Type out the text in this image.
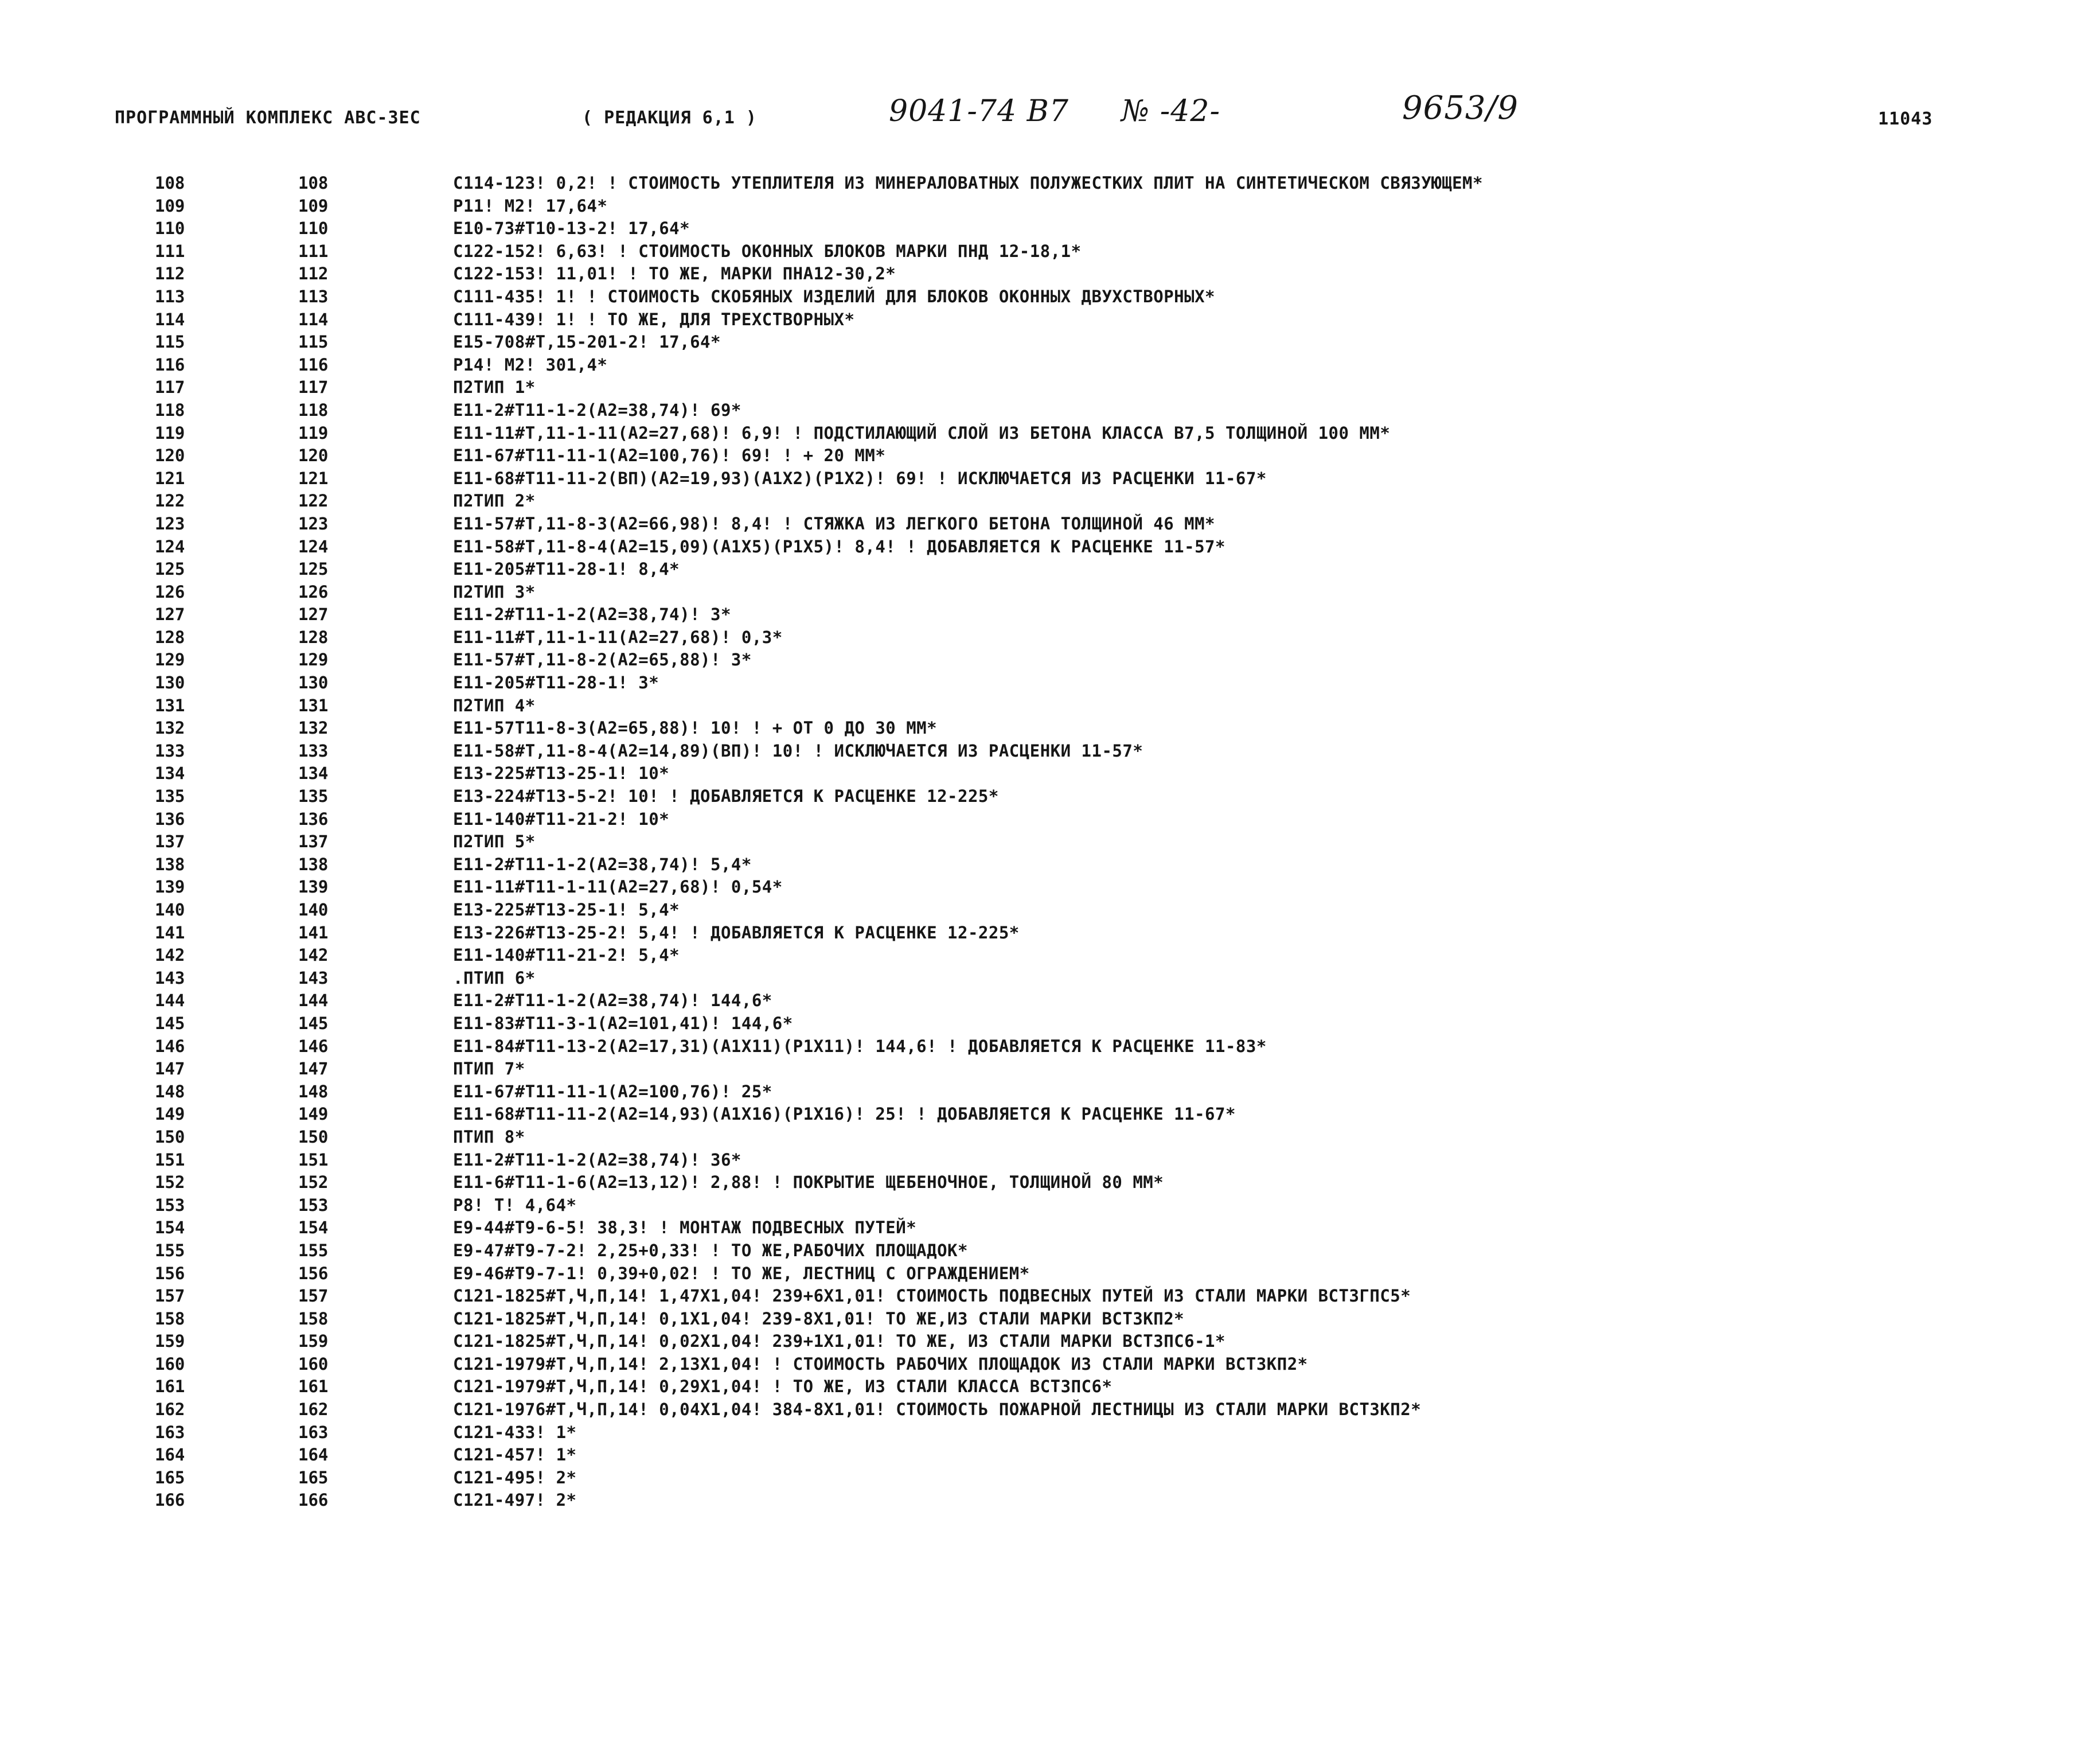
ПРОГРАММНЫЙ КОМПЛЕКС АВС-ЗЕС	( РЕДАКЦИЯ 6,1 )	9041-74 В7 № -42-	9653/9	11043
108	108	С114-123! 0,2! ! СТОИМОСТЬ УТЕПЛИТЕЛЯ ИЗ МИНЕРАЛОВАТНЫХ ПОЛУЖЕСТКИХ ПЛИТ НА СИНТЕТИЧЕСКОМ СВЯЗУЮЩЕМ*
109	109	Р11! М2! 17,64*
110	110	Е10-73#Т10-13-2! 17,64*
111	111	С122-152! 6,63! ! СТОИМОСТЬ ОКОННЫХ БЛОКОВ МАРКИ ПНД 12-18,1*
112	112	С122-153! 11,01! ! ТО ЖЕ, МАРКИ ПНА12-30,2*
113	113	С111-435! 1! ! СТОИМОСТЬ СКОБЯНЫХ ИЗДЕЛИЙ ДЛЯ БЛОКОВ ОКОННЫХ ДВУХСТВОРНЫХ*
114	114	С111-439! 1! ! ТО ЖЕ, ДЛЯ ТРЕХСТВОРНЫХ*
115	115	Е15-708#Т,15-201-2! 17,64*
116	116	Р14! М2! 301,4*
117	117	П2ТИП 1*
118	118	Е11-2#Т11-1-2(А2=38,74)! 69*
119	119	Е11-11#Т,11-1-11(А2=27,68)! 6,9! ! ПОДСТИЛАЮЩИЙ СЛОЙ ИЗ БЕТОНА КЛАССА В7,5 ТОЛЩИНОЙ 100 ММ*
120	120	Е11-67#Т11-11-1(А2=100,76)! 69! ! + 20 ММ*
121	121	Е11-68#Т11-11-2(ВП)(А2=19,93)(А1Х2)(Р1Х2)! 69! ! ИСКЛЮЧАЕТСЯ ИЗ РАСЦЕНКИ 11-67*
122	122	П2ТИП 2*
123	123	Е11-57#Т,11-8-3(А2=66,98)! 8,4! ! СТЯЖКА ИЗ ЛЕГКОГО БЕТОНА ТОЛЩИНОЙ 46 ММ*
124	124	Е11-58#Т,11-8-4(А2=15,09)(А1Х5)(Р1Х5)! 8,4! ! ДОБАВЛЯЕТСЯ К РАСЦЕНКЕ 11-57*
125	125	Е11-205#Т11-28-1! 8,4*
126	126	П2ТИП 3*
127	127	Е11-2#Т11-1-2(А2=38,74)! 3*
128	128	Е11-11#Т,11-1-11(А2=27,68)! 0,3*
129	129	Е11-57#Т,11-8-2(А2=65,88)! 3*
130	130	Е11-205#Т11-28-1! 3*
131	131	П2ТИП 4*
132	132	Е11-57Т11-8-3(А2=65,88)! 10! ! + ОТ 0 ДО 30 ММ*
133	133	Е11-58#Т,11-8-4(А2=14,89)(ВП)! 10! ! ИСКЛЮЧАЕТСЯ ИЗ РАСЦЕНКИ 11-57*
134	134	Е13-225#Т13-25-1! 10*
135	135	Е13-224#Т13-5-2! 10! ! ДОБАВЛЯЕТСЯ К РАСЦЕНКЕ 12-225*
136	136	Е11-140#Т11-21-2! 10*
137	137	П2ТИП 5*
138	138	Е11-2#Т11-1-2(А2=38,74)! 5,4*
139	139	Е11-11#Т11-1-11(А2=27,68)! 0,54*
140	140	Е13-225#Т13-25-1! 5,4*
141	141	Е13-226#Т13-25-2! 5,4! ! ДОБАВЛЯЕТСЯ К РАСЦЕНКЕ 12-225*
142	142	Е11-140#Т11-21-2! 5,4*
143	143	.ПТИП 6*
144	144	Е11-2#Т11-1-2(А2=38,74)! 144,6*
145	145	Е11-83#Т11-3-1(А2=101,41)! 144,6*
146	146	Е11-84#Т11-13-2(А2=17,31)(А1Х11)(Р1Х11)! 144,6! ! ДОБАВЛЯЕТСЯ К РАСЦЕНКЕ 11-83*
147	147	ПТИП 7*
148	148	Е11-67#Т11-11-1(А2=100,76)! 25*
149	149	Е11-68#Т11-11-2(А2=14,93)(А1Х16)(Р1Х16)! 25! ! ДОБАВЛЯЕТСЯ К РАСЦЕНКЕ 11-67*
150	150	ПТИП 8*
151	151	Е11-2#Т11-1-2(А2=38,74)! 36*
152	152	Е11-6#Т11-1-6(А2=13,12)! 2,88! ! ПОКРЫТИЕ ЩЕБЕНОЧНОЕ, ТОЛЩИНОЙ 80 ММ*
153	153	Р8! Т! 4,64*
154	154	Е9-44#Т9-6-5! 38,3! ! МОНТАЖ ПОДВЕСНЫХ ПУТЕЙ*
155	155	Е9-47#Т9-7-2! 2,25+0,33! ! ТО ЖЕ,РАБОЧИХ ПЛОЩАДОК*
156	156	Е9-46#Т9-7-1! 0,39+0,02! ! ТО ЖЕ, ЛЕСТНИЦ С ОГРАЖДЕНИЕМ*
157	157	С121-1825#Т,Ч,П,14! 1,47Х1,04! 239+6Х1,01! СТОИМОСТЬ ПОДВЕСНЫХ ПУТЕЙ ИЗ СТАЛИ МАРКИ ВСТЗГПС5*
158	158	С121-1825#Т,Ч,П,14! 0,1Х1,04! 239-8Х1,01! ТО ЖЕ,ИЗ СТАЛИ МАРКИ ВСТЗКП2*
159	159	С121-1825#Т,Ч,П,14! 0,02Х1,04! 239+1Х1,01! ТО ЖЕ, ИЗ СТАЛИ МАРКИ ВСТЗПС6-1*
160	160	С121-1979#Т,Ч,П,14! 2,13Х1,04! ! СТОИМОСТЬ РАБОЧИХ ПЛОЩАДОК ИЗ СТАЛИ МАРКИ ВСТЗКП2*
161	161	С121-1979#Т,Ч,П,14! 0,29Х1,04! ! ТО ЖЕ, ИЗ СТАЛИ КЛАССА ВСТЗПС6*
162	162	С121-1976#Т,Ч,П,14! 0,04Х1,04! 384-8Х1,01! СТОИМОСТЬ ПОЖАРНОЙ ЛЕСТНИЦЫ ИЗ СТАЛИ МАРКИ ВСТЗКП2*
163	163	С121-433! 1*
164	164	С121-457! 1*
165	165	С121-495! 2*
166	166	С121-497! 2*
